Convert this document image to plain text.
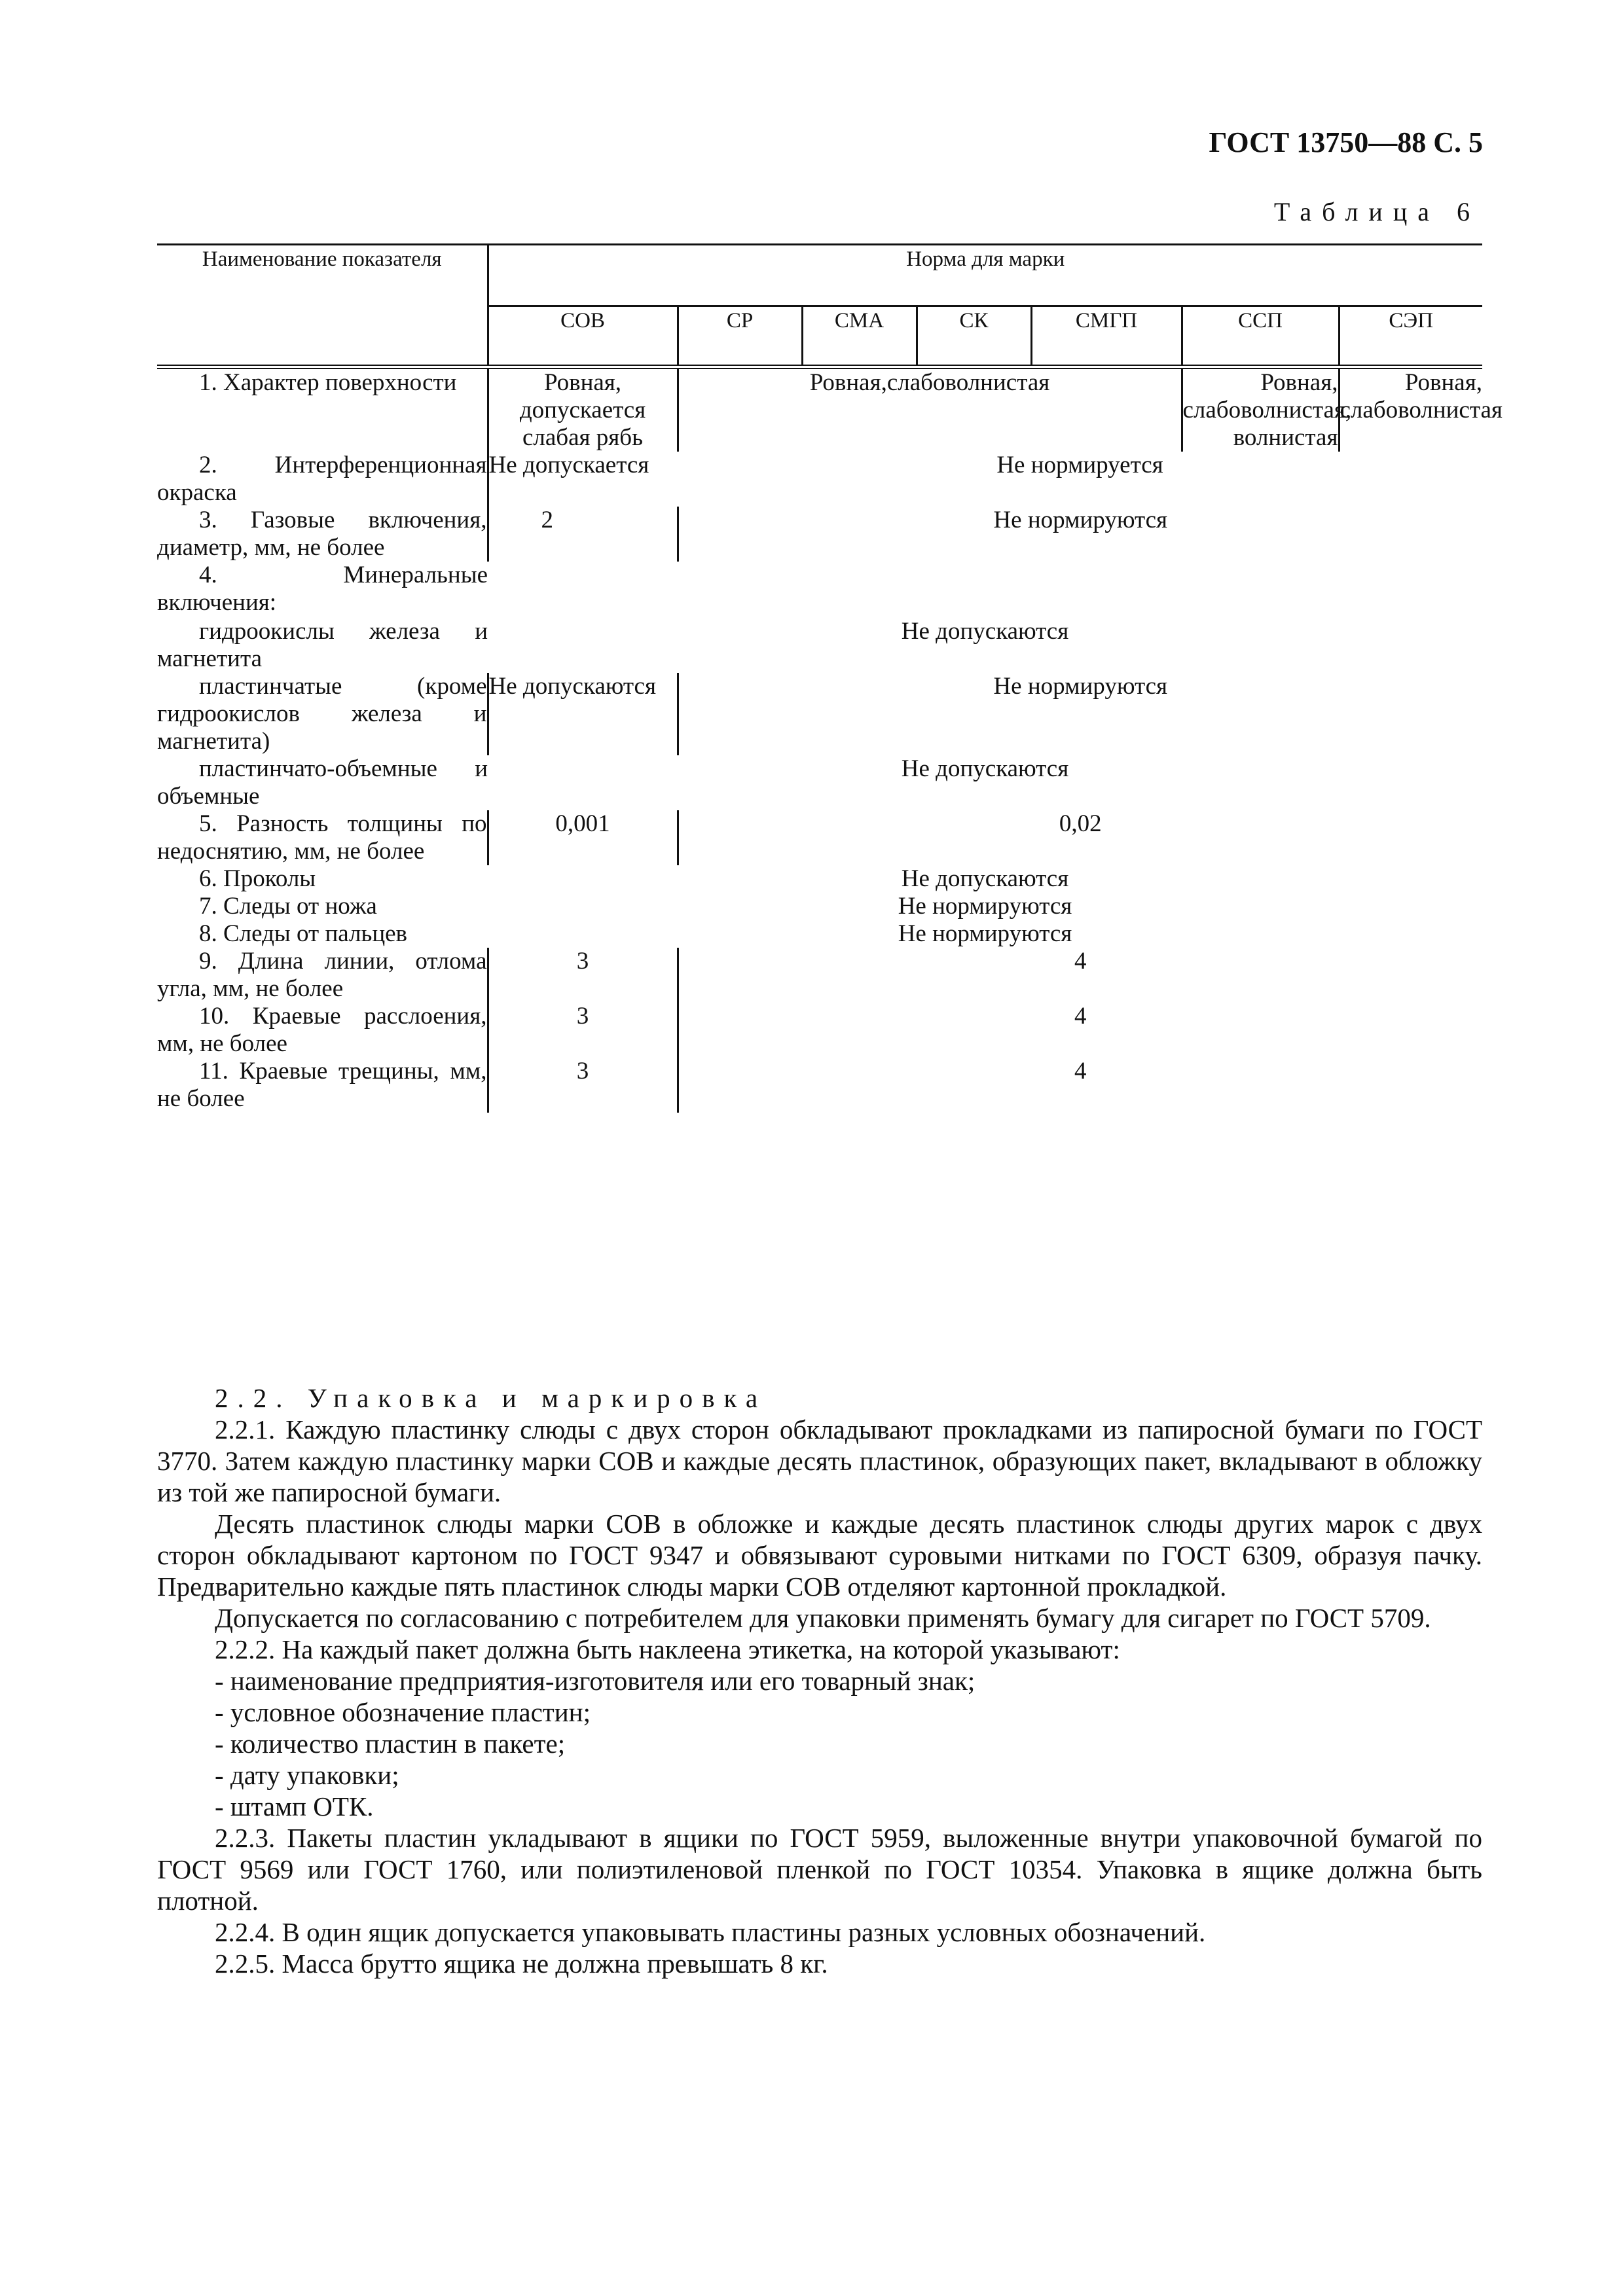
ГОСТ 13750—88 С. 5
Таблица 6
Наименование показателя	Норма для марки						
	СОВ	СР	СМА	СК	СМГП	ССП	СЭП

1. Характер поверхности	Ровная, допускается слабая рябь	Ровная,слабоволнистая				Ровная, слабоволнистая, волнистая	Ровная, слабоволнистая

2. Интерференционная окраска	Не допускается	Не нормируется					

3. Газовые включения, диаметр, мм, не более	2	Не нормируются					

4. Минеральные включения:							

гидроокислы железа и магнетита	Не допускаются						

пластинчатые (кроме гидроокислов железа и магнетита)	Не допускаются	Не нормируются					

пластинчато-объемные и объемные	Не допускаются						

5. Разность толщины по недоснятию, мм, не более	0,001	0,02					

6. Проколы	Не допускаются						

7. Следы от ножа	Не нормируются						

8. Следы от пальцев	Не нормируются						

9. Длина линии, отлома угла, мм, не более	3	4					

10. Краевые расслоения, мм, не более	3	4					

11. Краевые трещины, мм, не более	3	4					

2.2. Упаковка и маркировка

2.2.1. Каждую пластинку слюды с двух сторон обкладывают прокладками из папиросной бумаги по ГОСТ 3770. Затем каждую пластинку марки СОВ и каждые десять пластинок, образующих пакет, вкладывают в обложку из той же папиросной бумаги.

Десять пластинок слюды марки СОВ в обложке и каждые десять пластинок слюды других марок с двух сторон обкладывают картоном по ГОСТ 9347 и обвязывают суровыми нитками по ГОСТ 6309, образуя пачку. Предварительно каждые пять пластинок слюды марки СОВ отделяют картонной прокладкой.

Допускается по согласованию с потребителем для упаковки применять бумагу для сигарет по ГОСТ 5709.

2.2.2. На каждый пакет должна быть наклеена этикетка, на которой указывают:

- наименование предприятия-изготовителя или его товарный знак;

- условное обозначение пластин;

- количество пластин в пакете;

- дату упаковки;

- штамп ОТК.

2.2.3. Пакеты пластин укладывают в ящики по ГОСТ 5959, выложенные внутри упаковочной бумагой по ГОСТ 9569 или ГОСТ 1760, или полиэтиленовой пленкой по ГОСТ 10354. Упаковка в ящике должна быть плотной.

2.2.4. В один ящик допускается упаковывать пластины разных условных обозначений.

2.2.5. Масса брутто ящика не должна превышать 8 кг.
